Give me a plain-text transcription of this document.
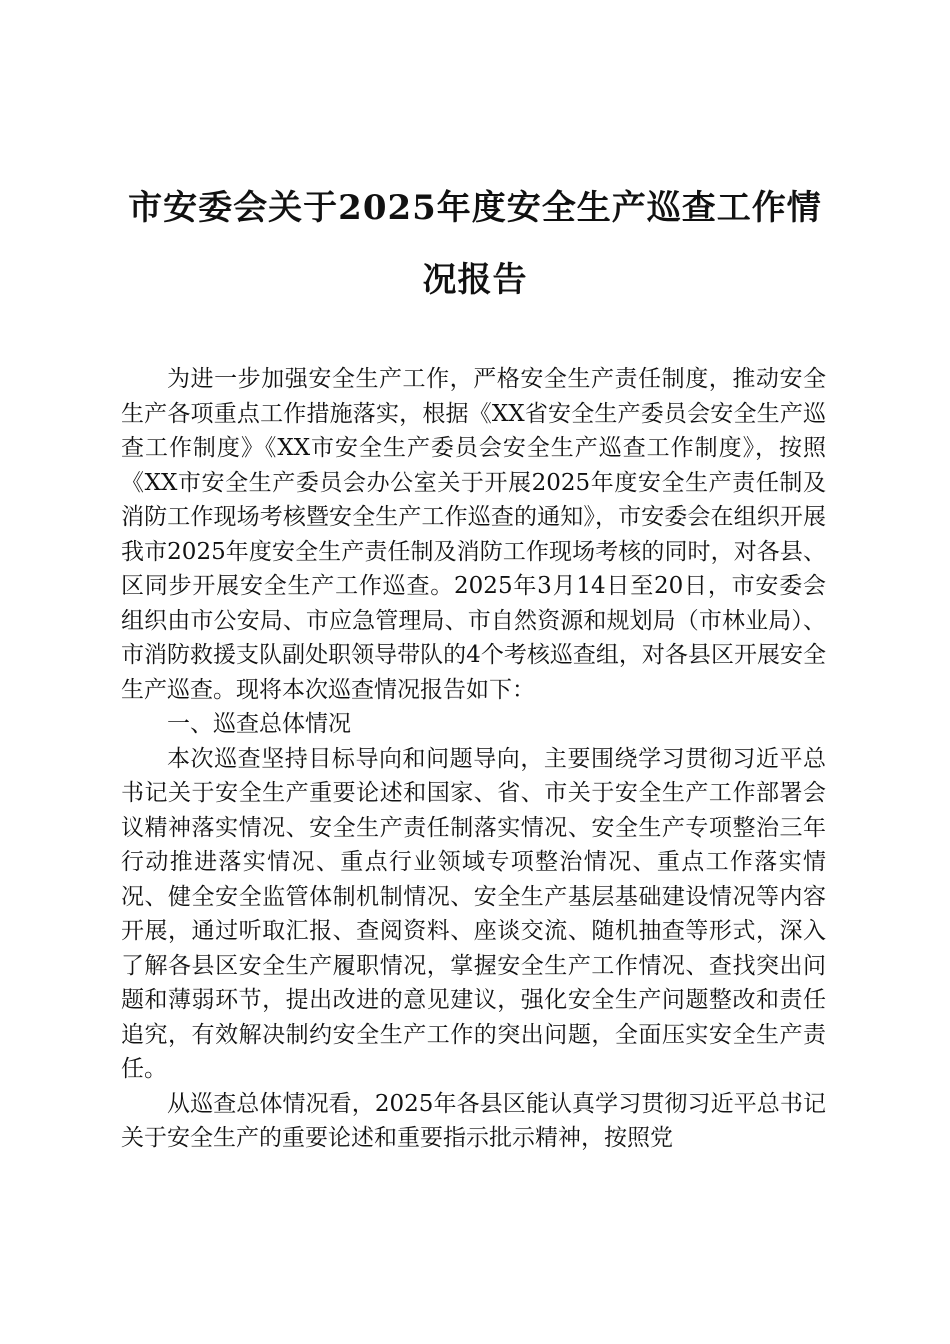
市安委会关于2025年度安全生产巡查工作情
况报告

为进一步加强安全生产工作，严格安全生产责任制度，推动安全生产各项重点工作措施落实，根据《XX省安全生产委员会安全生产巡查工作制度》《XX市安全生产委员会安全生产巡查工作制度》，按照《XX市安全生产委员会办公室关于开展2025年度安全生产责任制及消防工作现场考核暨安全生产工作巡查的通知》，市安委会在组织开展我市2025年度安全生产责任制及消防工作现场考核的同时，对各县、区同步开展安全生产工作巡查。2025年3月14日至20日，市安委会组织由市公安局、市应急管理局、市自然资源和规划局（市林业局）、市消防救援支队副处职领导带队的4个考核巡查组，对各县区开展安全生产巡查。现将本次巡查情况报告如下：

一、巡查总体情况

本次巡查坚持目标导向和问题导向，主要围绕学习贯彻习近平总书记关于安全生产重要论述和国家、省、市关于安全生产工作部署会议精神落实情况、安全生产责任制落实情况、安全生产专项整治三年行动推进落实情况、重点行业领域专项整治情况、重点工作落实情况、健全安全监管体制机制情况、安全生产基层基础建设情况等内容开展，通过听取汇报、查阅资料、座谈交流、随机抽查等形式，深入了解各县区安全生产履职情况，掌握安全生产工作情况、查找突出问题和薄弱环节，提出改进的意见建议，强化安全生产问题整改和责任追究，有效解决制约安全生产工作的突出问题，全面压实安全生产责任。

从巡查总体情况看，2025年各县区能认真学习贯彻习近平总书记关于安全生产的重要论述和重要指示批示精神，按照党
